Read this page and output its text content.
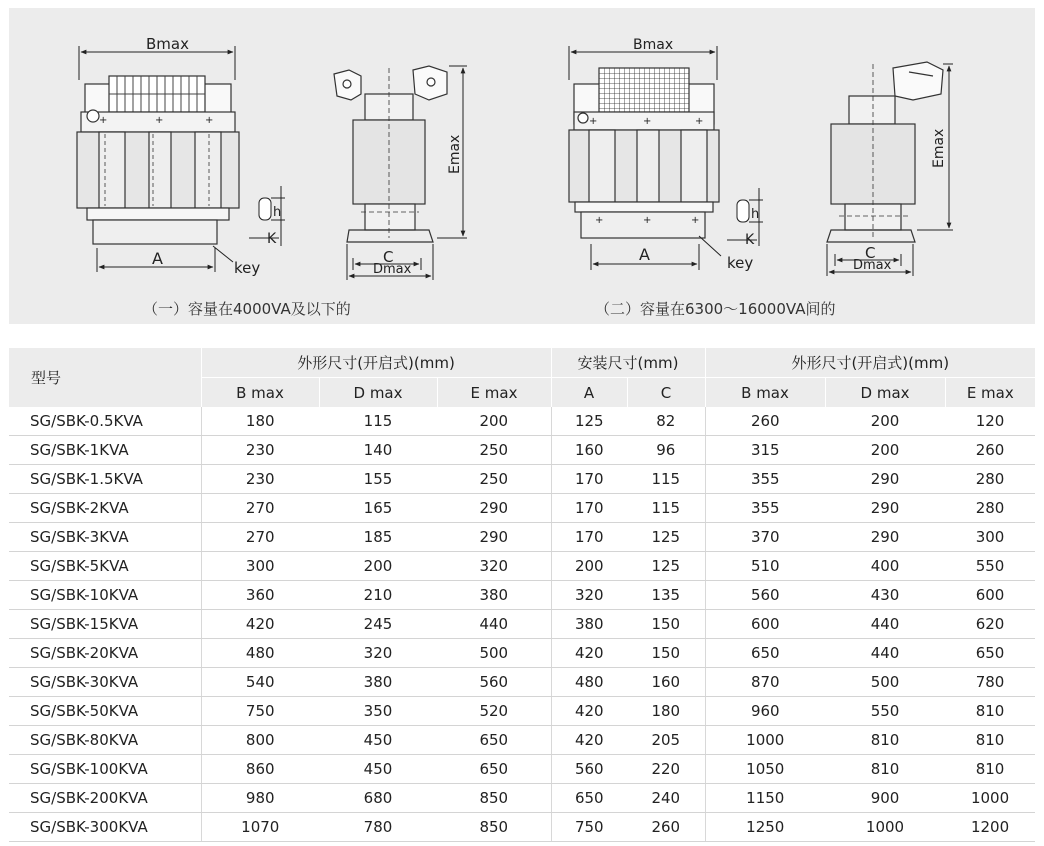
+	+
+
Bmax
A	key
h
K
C
Dmax
Emax
+	+	+
+	+	+
Bmax
A	key
h
K
C
Dmax
Emax
（一）容量在4000VA及以下的	（二）容量在6300～16000VA间的
型号	外形尺寸(开启式)(mm)			安装尺寸(mm)		外形尺寸(开启式)(mm)		
	B max	D max	E max	A	C	B max	D max	E max
SG/SBK-0.5KVA	180	115	200	125	82	260	200	120
SG/SBK-1KVA	230	140	250	160	96	315	200	260
SG/SBK-1.5KVA	230	155	250	170	115	355	290	280
SG/SBK-2KVA	270	165	290	170	115	355	290	280
SG/SBK-3KVA	270	185	290	170	125	370	290	300
SG/SBK-5KVA	300	200	320	200	125	510	400	550
SG/SBK-10KVA	360	210	380	320	135	560	430	600
SG/SBK-15KVA	420	245	440	380	150	600	440	620
SG/SBK-20KVA	480	320	500	420	150	650	440	650
SG/SBK-30KVA	540	380	560	480	160	870	500	780
SG/SBK-50KVA	750	350	520	420	180	960	550	810
SG/SBK-80KVA	800	450	650	420	205	1000	810	810
SG/SBK-100KVA	860	450	650	560	220	1050	810	810
SG/SBK-200KVA	980	680	850	650	240	1150	900	1000
SG/SBK-300KVA	1070	780	850	750	260	1250	1000	1200
